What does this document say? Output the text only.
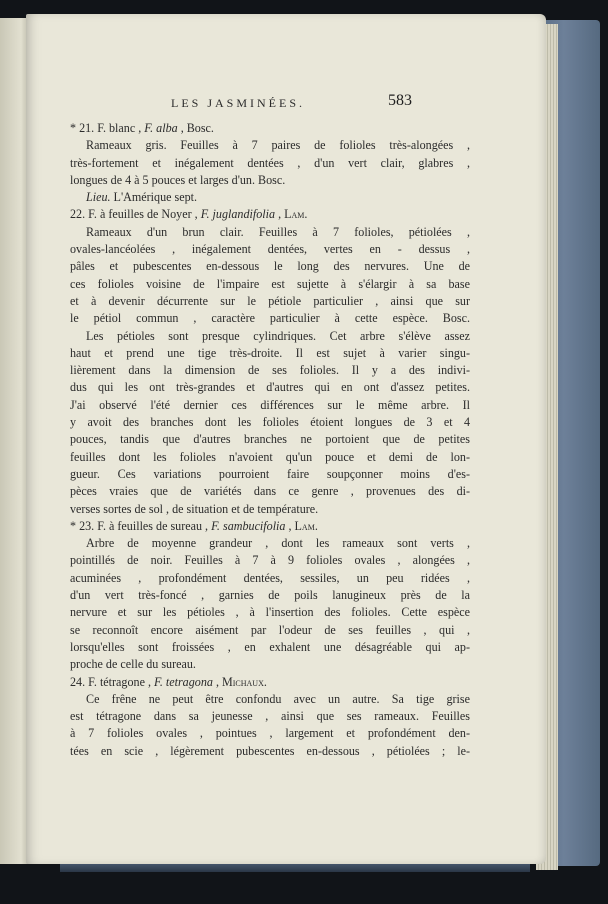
LES JASMINÉES.	583
* 21. F. blanc , F. alba , Bosc.
Rameaux gris. Feuilles à 7 paires de folioles très-alongées ,
très-fortement et inégalement dentées , d'un vert clair, glabres ,
longues de 4 à 5 pouces et larges d'un. Bosc.
Lieu. L'Amérique sept.
22. F. à feuilles de Noyer , F. juglandifolia , Lam.
Rameaux d'un brun clair. Feuilles à 7 folioles, pétiolées ,
ovales-lancéolées , inégalement dentées, vertes en - dessus ,
pâles et pubescentes en-dessous le long des nervures. Une de
ces folioles voisine de l'impaire est sujette à s'élargir à sa base
et à devenir décurrente sur le pétiole particulier , ainsi que sur
le pétiol commun , caractère particulier à cette espèce. Bosc.
Les pétioles sont presque cylindriques. Cet arbre s'élève assez
haut et prend une tige très-droite. Il est sujet à varier singu-
lièrement dans la dimension de ses folioles. Il y a des indivi-
dus qui les ont très-grandes et d'autres qui en ont d'assez petites.
J'ai observé l'été dernier ces différences sur le même arbre. Il
y avoit des branches dont les folioles étoient longues de 3 et 4
pouces, tandis que d'autres branches ne portoient que de petites
feuilles dont les folioles n'avoient qu'un pouce et demi de lon-
gueur. Ces variations pourroient faire soupçonner moins d'es-
pèces vraies que de variétés dans ce genre , provenues des di-
verses sortes de sol , de situation et de température.
* 23. F. à feuilles de sureau , F. sambucifolia , Lam.
Arbre de moyenne grandeur , dont les rameaux sont verts ,
pointillés de noir. Feuilles à 7 à 9 folioles ovales , alongées ,
acuminées , profondément dentées, sessiles, un peu ridées ,
d'un vert très-foncé , garnies de poils lanugineux près de la
nervure et sur les pétioles , à l'insertion des folioles. Cette espèce
se reconnoît encore aisément par l'odeur de ses feuilles , qui ,
lorsqu'elles sont froissées , en exhalent une désagréable qui ap-
proche de celle du sureau.
24. F. tétragone , F. tetragona , Michaux.
Ce frêne ne peut être confondu avec un autre. Sa tige grise
est tétragone dans sa jeunesse , ainsi que ses rameaux. Feuilles
à 7 folioles ovales , pointues , largement et profondément den-
tées en scie , légèrement pubescentes en-dessous , pétiolées ; le-
